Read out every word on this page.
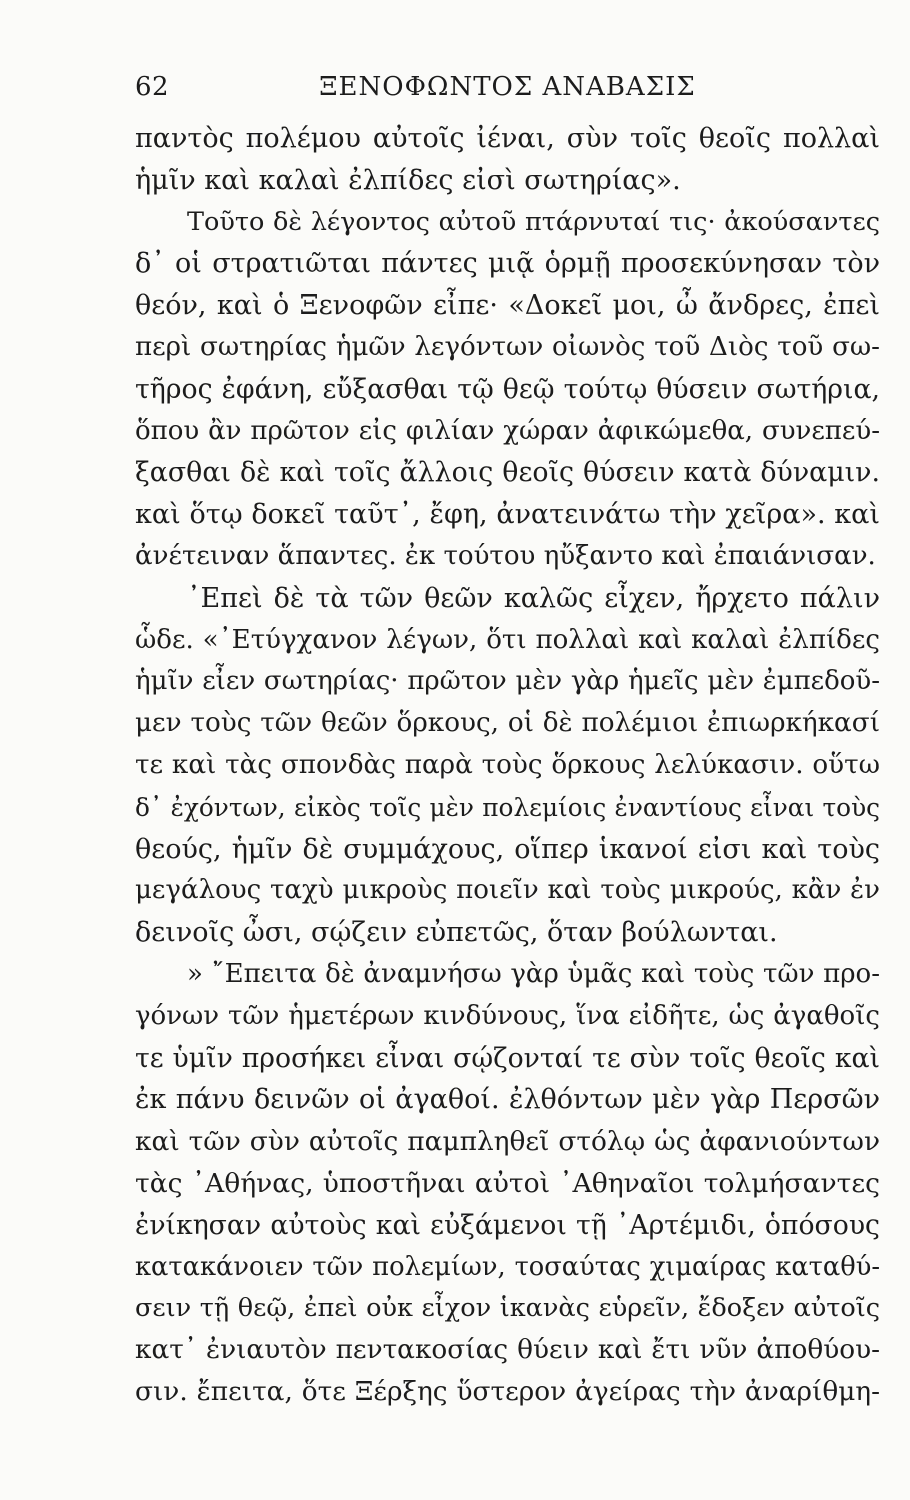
62	ΞΕΝΟΦΩΝΤΟΣ ΑΝΑΒΑΣΙΣ
παντὸς πολέμου αὐτοῖς ἰέναι, σὺν τοῖς θεοῖς πολλαὶ
ἡμῖν καὶ καλαὶ ἐλπίδες εἰσὶ σωτηρίας».
Τοῦτο δὲ λέγοντος αὐτοῦ πτάρνυταί τις· ἀκούσαντες
δ᾽ οἱ στρατιῶται πάντες μιᾷ ὁρμῇ προσεκύνησαν τὸν
θεόν, καὶ ὁ Ξενοφῶν εἶπε· «Δοκεῖ μοι, ὦ ἄνδρες, ἐπεὶ
περὶ σωτηρίας ἡμῶν λεγόντων οἰωνὸς τοῦ Διὸς τοῦ σω-
τῆρος ἐφάνη, εὔξασθαι τῷ θεῷ τούτῳ θύσειν σωτήρια,
ὅπου ἂν πρῶτον εἰς φιλίαν χώραν ἀφικώμεθα, συνεπεύ-
ξασθαι δὲ καὶ τοῖς ἄλλοις θεοῖς θύσειν κατὰ δύναμιν.
καὶ ὅτῳ δοκεῖ ταῦτ᾽, ἔφη, ἀνατεινάτω τὴν χεῖρα». καὶ
ἀνέτειναν ἅπαντες. ἐκ τούτου ηὔξαντο καὶ ἐπαιάνισαν.
᾿Επεὶ δὲ τὰ τῶν θεῶν καλῶς εἶχεν, ἤρχετο πάλιν
ὧδε. «᾿Ετύγχανον λέγων, ὅτι πολλαὶ καὶ καλαὶ ἐλπίδες
ἡμῖν εἶεν σωτηρίας· πρῶτον μὲν γὰρ ἡμεῖς μὲν ἐμπεδοῦ-
μεν τοὺς τῶν θεῶν ὅρκους, οἱ δὲ πολέμιοι ἐπιωρκήκασί
τε καὶ τὰς σπονδὰς παρὰ τοὺς ὅρκους λελύκασιν. οὕτω
δ᾽ ἐχόντων, εἰκὸς τοῖς μὲν πολεμίοις ἐναντίους εἶναι τοὺς
θεούς, ἡμῖν δὲ συμμάχους, οἵπερ ἱκανοί εἰσι καὶ τοὺς
μεγάλους ταχὺ μικροὺς ποιεῖν καὶ τοὺς μικρούς, κἂν ἐν
δεινοῖς ὦσι, σῴζειν εὐπετῶς, ὅταν βούλωνται.
» ῎Επειτα δὲ ἀναμνήσω γὰρ ὑμᾶς καὶ τοὺς τῶν προ-
γόνων τῶν ἡμετέρων κινδύνους, ἵνα εἰδῆτε, ὡς ἀγαθοῖς
τε ὑμῖν προσήκει εἶναι σῴζονταί τε σὺν τοῖς θεοῖς καὶ
ἐκ πάνυ δεινῶν οἱ ἀγαθοί. ἐλθόντων μὲν γὰρ Περσῶν
καὶ τῶν σὺν αὐτοῖς παμπληθεῖ στόλῳ ὡς ἀφανιούντων
τὰς ᾿Αθήνας, ὑποστῆναι αὐτοὶ ᾿Αθηναῖοι τολμήσαντες
ἐνίκησαν αὐτοὺς καὶ εὐξάμενοι τῇ ᾿Αρτέμιδι, ὁπόσους
κατακάνοιεν τῶν πολεμίων, τοσαύτας χιμαίρας καταθύ-
σειν τῇ θεῷ, ἐπεὶ οὐκ εἶχον ἱκανὰς εὑρεῖν, ἔδοξεν αὐτοῖς
κατ᾽ ἐνιαυτὸν πεντακοσίας θύειν καὶ ἔτι νῦν ἀποθύου-
σιν. ἔπειτα, ὅτε Ξέρξης ὕστερον ἀγείρας τὴν ἀναρίθμη-
